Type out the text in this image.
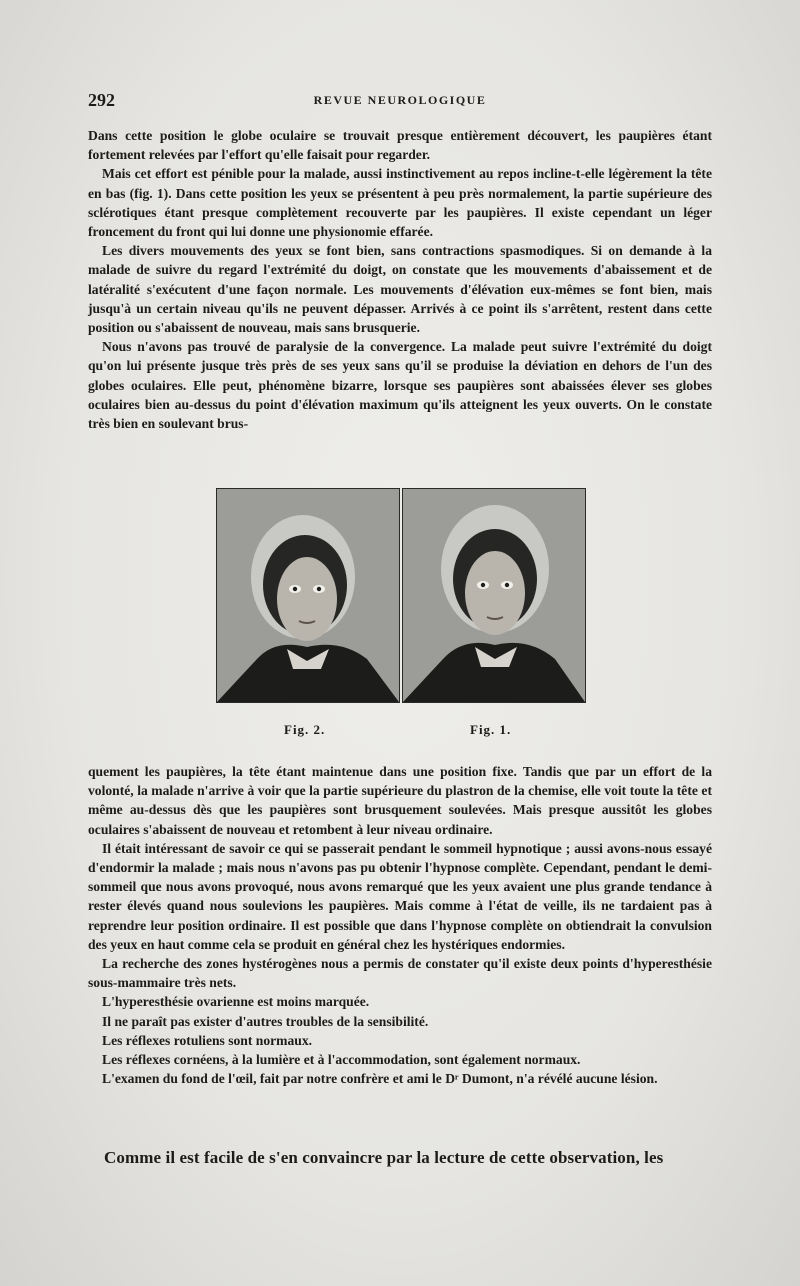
292	REVUE NEUROLOGIQUE

Dans cette position le globe oculaire se trouvait presque entièrement découvert, les paupières étant fortement relevées par l'effort qu'elle faisait pour regarder.

Mais cet effort est pénible pour la malade, aussi instinctivement au repos incline-t-elle légèrement la tête en bas (fig. 1). Dans cette position les yeux se présentent à peu près normalement, la partie supérieure des sclérotiques étant presque complètement recouverte par les paupières. Il existe cependant un léger froncement du front qui lui donne une physionomie effarée.

Les divers mouvements des yeux se font bien, sans contractions spasmodiques. Si on demande à la malade de suivre du regard l'extrémité du doigt, on constate que les mouvements d'abaissement et de latéralité s'exécutent d'une façon normale. Les mouvements d'élévation eux-mêmes se font bien, mais jusqu'à un certain niveau qu'ils ne peuvent dépasser. Arrivés à ce point ils s'arrêtent, restent dans cette position ou s'abaissent de nouveau, mais sans brusquerie.

Nous n'avons pas trouvé de paralysie de la convergence. La malade peut suivre l'extrémité du doigt qu'on lui présente jusque très près de ses yeux sans qu'il se produise la déviation en dehors de l'un des globes oculaires. Elle peut, phénomène bizarre, lorsque ses paupières sont abaissées élever ses globes oculaires bien au-dessus du point d'élévation maximum qu'ils atteignent les yeux ouverts. On le constate très bien en soulevant brus-

Fig. 2.	Fig. 1.

quement les paupières, la tête étant maintenue dans une position fixe. Tandis que par un effort de la volonté, la malade n'arrive à voir que la partie supérieure du plastron de la chemise, elle voit toute la tête et même au-dessus dès que les paupières sont brusquement soulevées. Mais presque aussitôt les globes oculaires s'abaissent de nouveau et retombent à leur niveau ordinaire.

Il était intéressant de savoir ce qui se passerait pendant le sommeil hypnotique ; aussi avons-nous essayé d'endormir la malade ; mais nous n'avons pas pu obtenir l'hypnose complète. Cependant, pendant le demi-sommeil que nous avons provoqué, nous avons remarqué que les yeux avaient une plus grande tendance à rester élevés quand nous soulevions les paupières. Mais comme à l'état de veille, ils ne tardaient pas à reprendre leur position ordinaire. Il est possible que dans l'hypnose complète on obtiendrait la convulsion des yeux en haut comme cela se produit en général chez les hystériques endormies.

La recherche des zones hystérogènes nous a permis de constater qu'il existe deux points d'hyperesthésie sous-mammaire très nets.

L'hyperesthésie ovarienne est moins marquée.

Il ne paraît pas exister d'autres troubles de la sensibilité.

Les réflexes rotuliens sont normaux.

Les réflexes cornéens, à la lumière et à l'accommodation, sont également normaux.

L'examen du fond de l'œil, fait par notre confrère et ami le Dʳ Dumont, n'a révélé aucune lésion.

Comme il est facile de s'en convaincre par la lecture de cette observation, les
